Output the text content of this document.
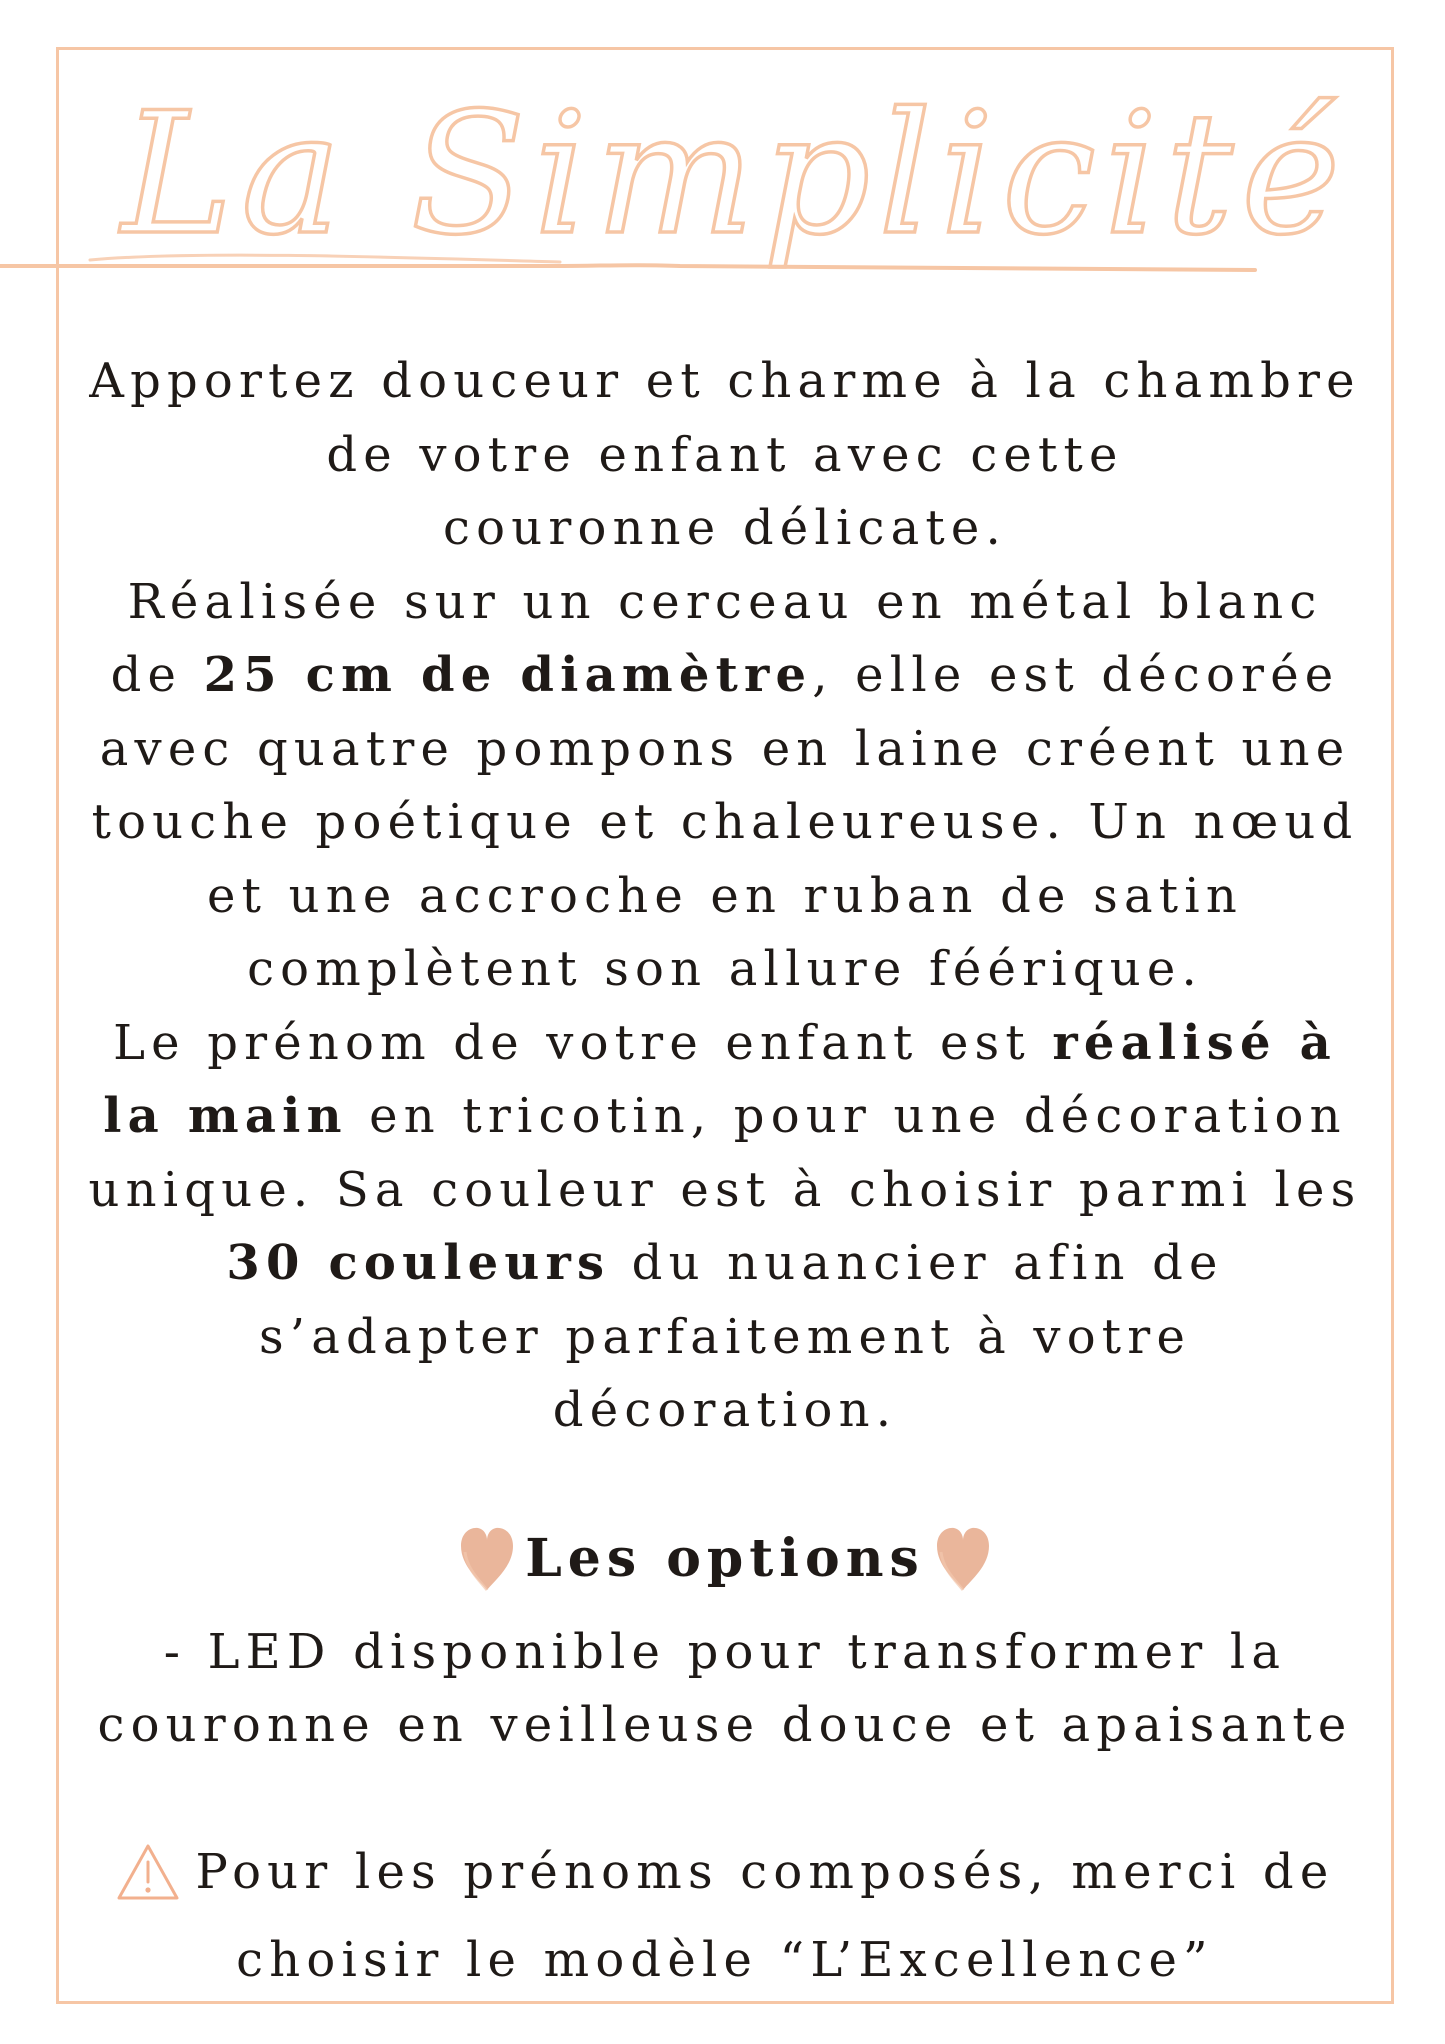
La Simplicité

Apportez douceur et charme à la chambre

de votre enfant avec cette

couronne délicate.

Réalisée sur un cerceau en métal blanc

de 25 cm de diamètre, elle est décorée

avec quatre pompons en laine créent une

touche poétique et chaleureuse. Un nœud

et une accroche en ruban de satin

complètent son allure féérique.

Le prénom de votre enfant est réalisé à

la main en tricotin, pour une décoration

unique. Sa couleur est à choisir parmi les

30 couleurs du nuancier afin de

s’adapter parfaitement à votre

décoration.

Les options

- LED disponible pour transformer la

couronne en veilleuse douce et apaisante

Pour les prénoms composés, merci de

choisir le modèle “L’Excellence”
